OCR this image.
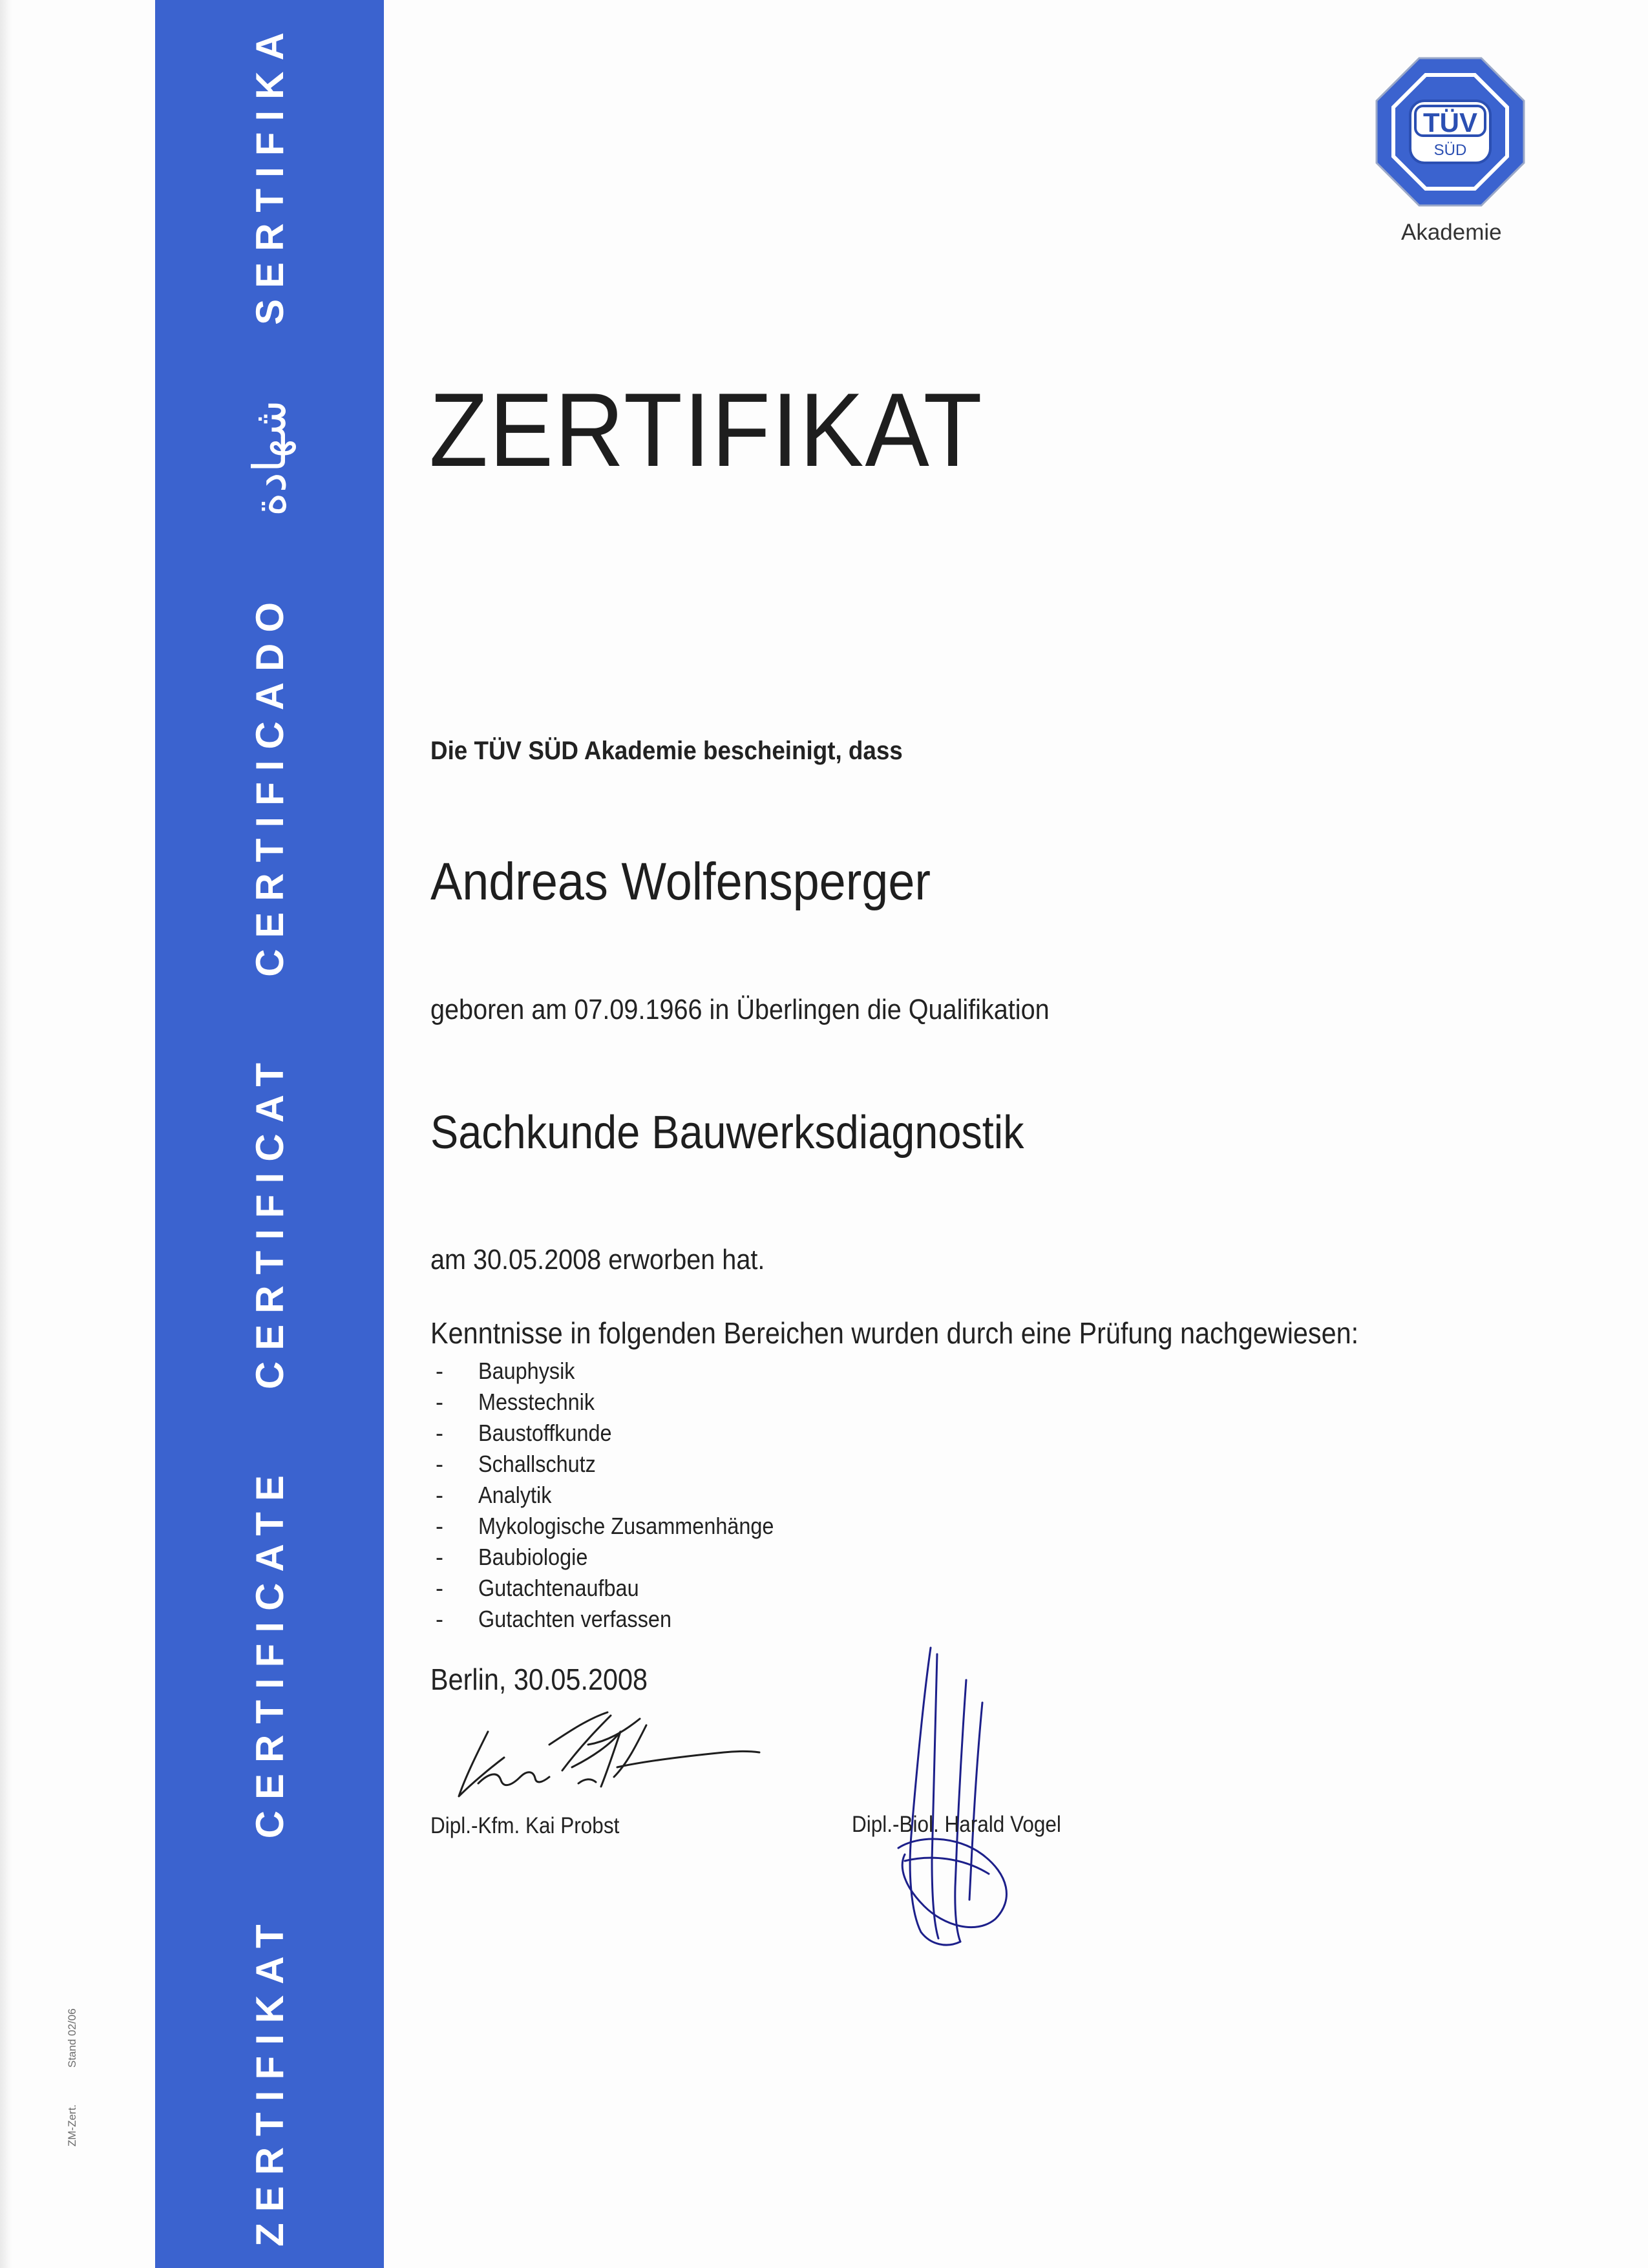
ZERTIFIKAT
CERTIFICATE
CERTIFICAT
CERTIFICADO
شهادة
SERTIFIKA
ZM-Zert.
Stand 02/06
TÜV
SÜD
Akademie
ZERTIFIKAT
Die TÜV SÜD Akademie bescheinigt, dass
Andreas Wolfensperger
geboren am 07.09.1966 in Überlingen die Qualifikation
Sachkunde Bauwerksdiagnostik
am 30.05.2008 erworben hat.
Kenntnisse in folgenden Bereichen wurden durch eine Prüfung nachgewiesen:
- Bauphysik
- Messtechnik
- Baustoffkunde
- Schallschutz
- Analytik
- Mykologische Zusammenhänge
- Baubiologie
- Gutachtenaufbau
- Gutachten verfassen
Berlin, 30.05.2008
Dipl.-Kfm. Kai Probst	Dipl.-Biol. Harald Vogel
